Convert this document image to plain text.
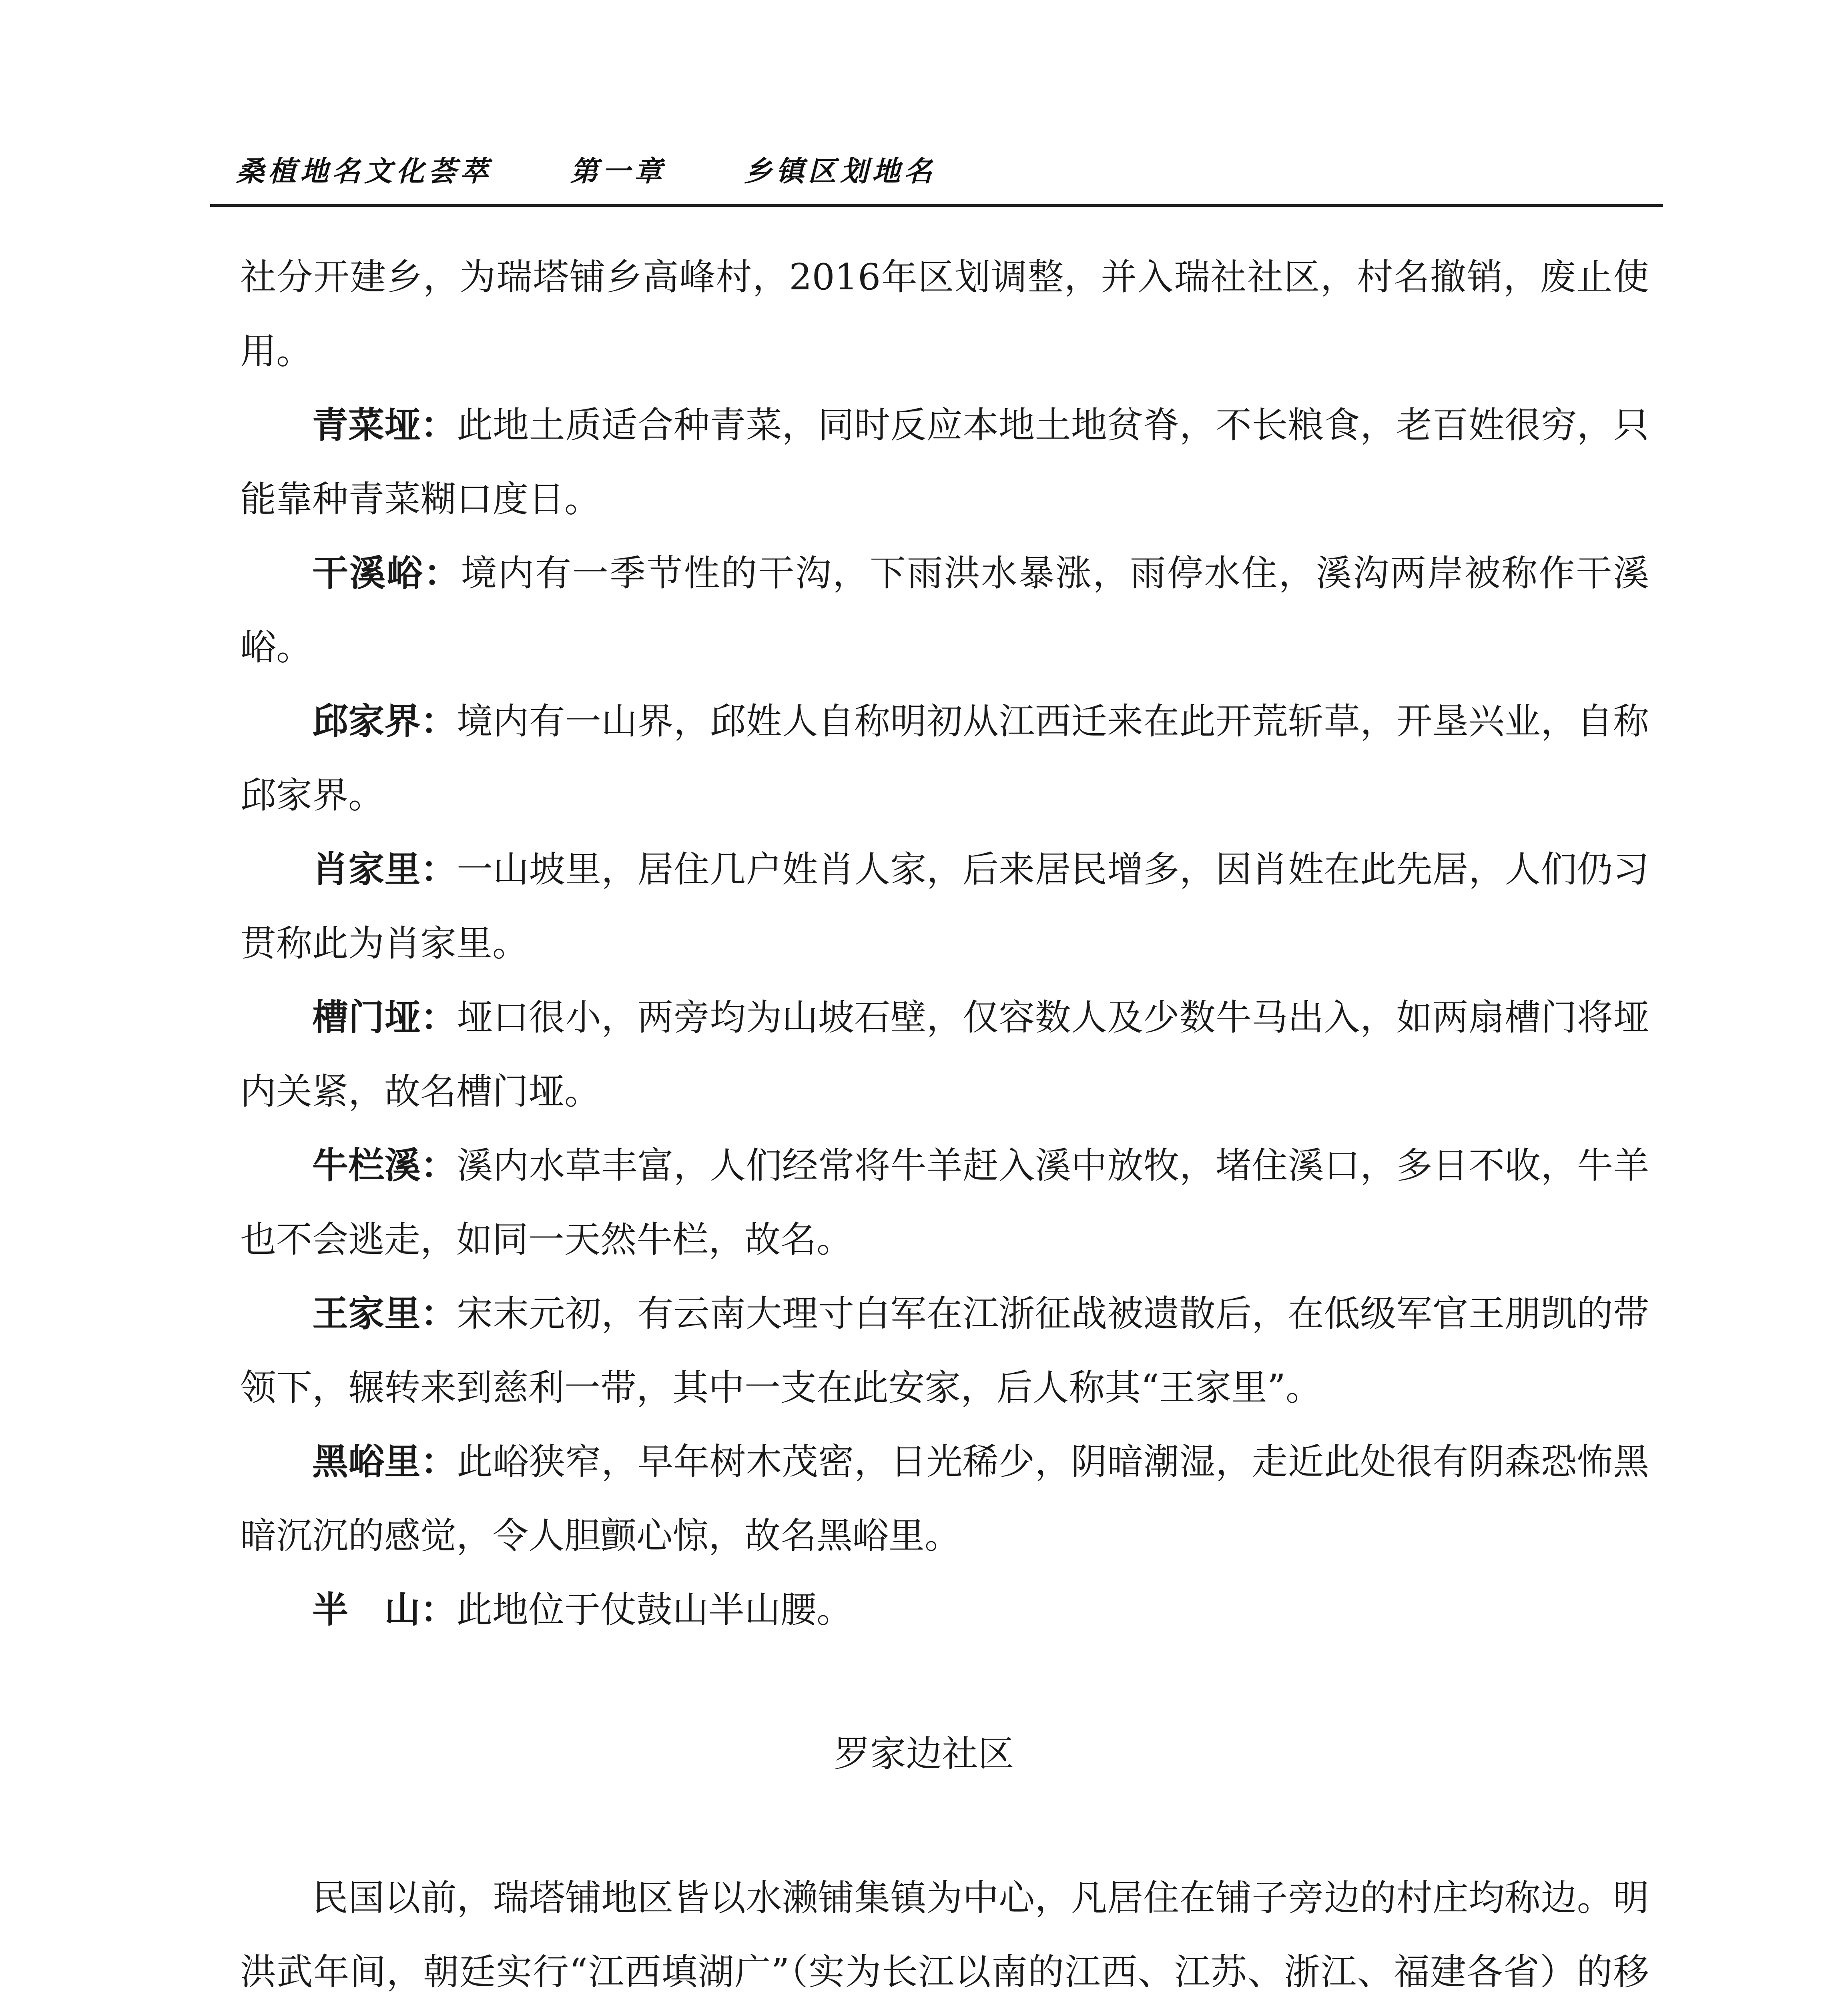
桑植地名文化荟萃	第一章	乡镇区划地名
社分开建乡，为瑞塔铺乡高峰村，2016年区划调整，并入瑞社社区，村名撤销，废止使用。
青菜垭：此地土质适合种青菜，同时反应本地土地贫脊，不长粮食，老百姓很穷，只能靠种青菜糊口度日。
干溪峪：境内有一季节性的干沟，下雨洪水暴涨，雨停水住，溪沟两岸被称作干溪峪。
邱家界：境内有一山界，邱姓人自称明初从江西迁来在此开荒斩草，开垦兴业，自称邱家界。
肖家里：一山坡里，居住几户姓肖人家，后来居民增多，因肖姓在此先居，人们仍习贯称此为肖家里。
槽门垭：垭口很小，两旁均为山坡石壁，仅容数人及少数牛马出入，如两扇槽门将垭内关紧，故名槽门垭。
牛栏溪：溪内水草丰富，人们经常将牛羊赶入溪中放牧，堵住溪口，多日不收，牛羊也不会逃走，如同一天然牛栏，故名。
王家里：宋末元初，有云南大理寸白军在江浙征战被遗散后，在低级军官王朋凯的带领下，辗转来到慈利一带，其中一支在此安家，后人称其“王家里”。
黑峪里：此峪狭窄，早年树木茂密，日光稀少，阴暗潮湿，走近此处很有阴森恐怖黑暗沉沉的感觉，令人胆颤心惊，故名黑峪里。
半　山：此地位于仗鼓山半山腰。
罗家边社区
民国以前，瑞塔铺地区皆以水濑铺集镇为中心，凡居住在铺子旁边的村庄均称边。明洪武年间，朝廷实行“江西填湖广”（实为长江以南的江西、江苏、浙江、福建各省）的移
